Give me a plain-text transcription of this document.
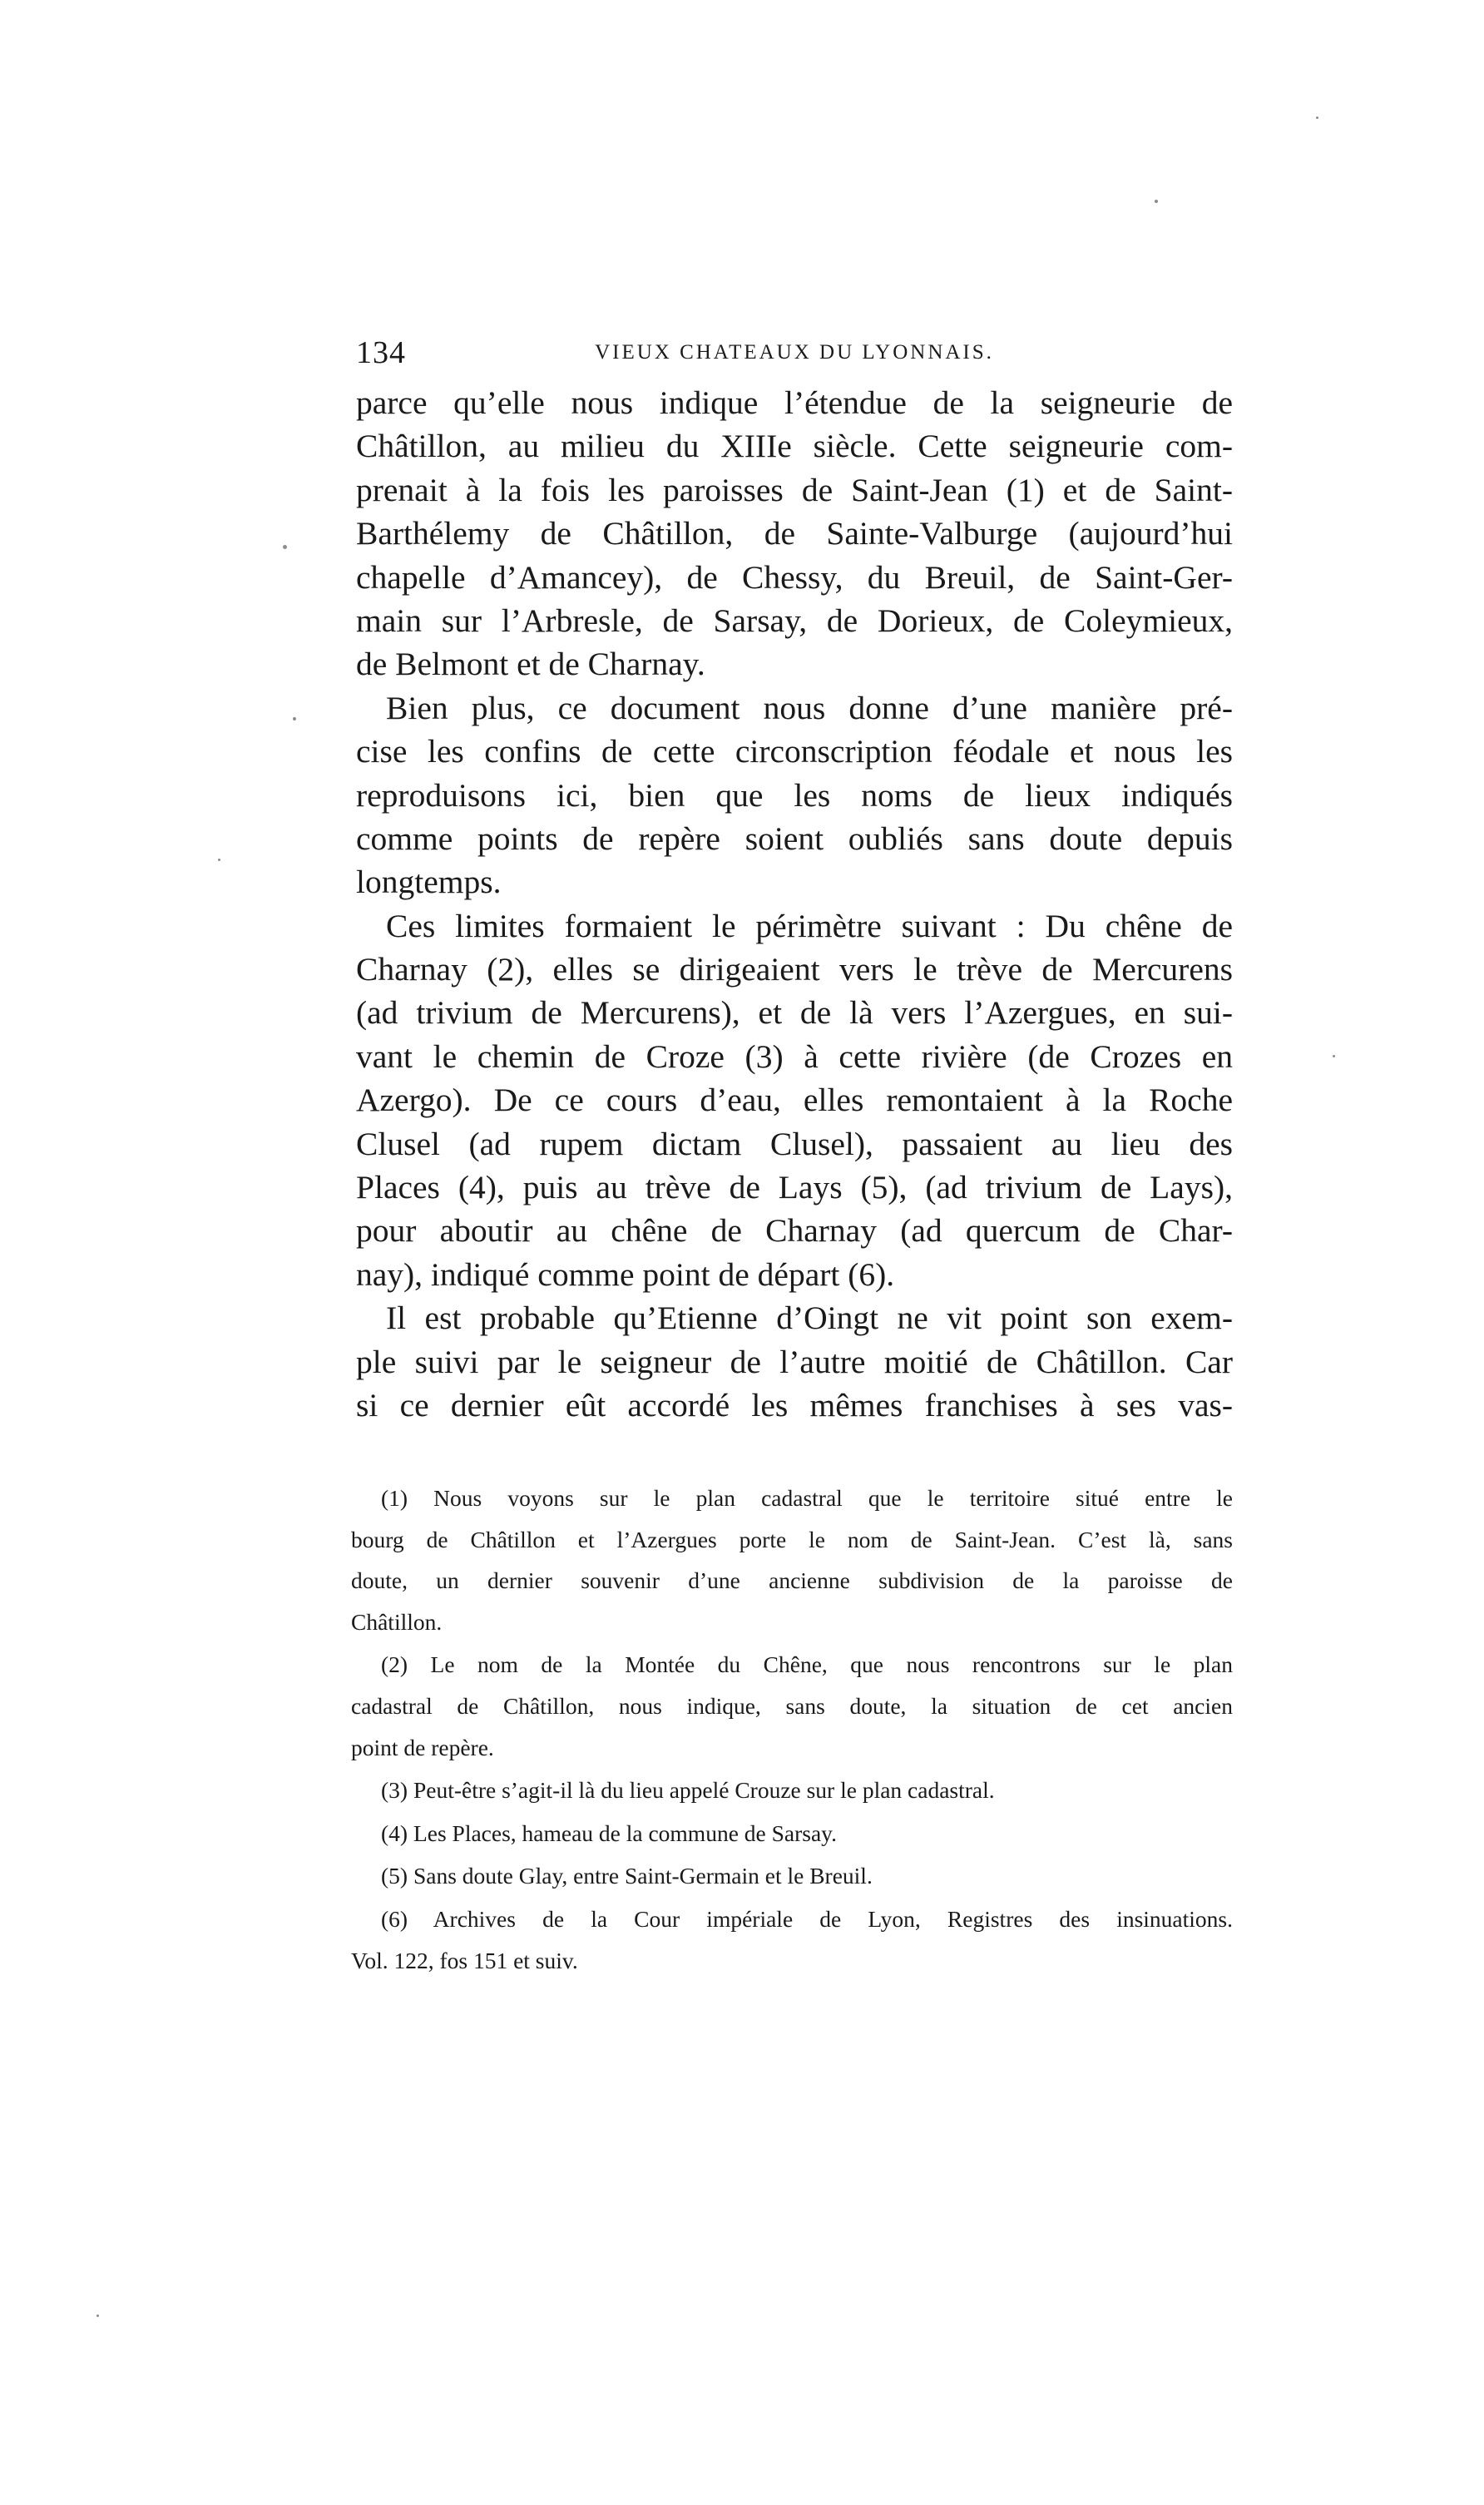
134	VIEUX CHATEAUX DU LYONNAIS.
parce qu’elle nous indique l’étendue de la seigneurie de
Châtillon, au milieu du XIIIe siècle. Cette seigneurie com-
prenait à la fois les paroisses de Saint-Jean (1) et de Saint-
Barthélemy de Châtillon, de Sainte-Valburge (aujourd’hui
chapelle d’Amancey), de Chessy, du Breuil, de Saint-Ger-
main sur l’Arbresle, de Sarsay, de Dorieux, de Coleymieux,
de Belmont et de Charnay.
Bien plus, ce document nous donne d’une manière pré-
cise les confins de cette circonscription féodale et nous les
reproduisons ici, bien que les noms de lieux indiqués
comme points de repère soient oubliés sans doute depuis
longtemps.
Ces limites formaient le périmètre suivant : Du chêne de
Charnay (2), elles se dirigeaient vers le trève de Mercurens
(ad trivium de Mercurens), et de là vers l’Azergues, en sui-
vant le chemin de Croze (3) à cette rivière (de Crozes en
Azergo). De ce cours d’eau, elles remontaient à la Roche
Clusel (ad rupem dictam Clusel), passaient au lieu des
Places (4), puis au trève de Lays (5), (ad trivium de Lays),
pour aboutir au chêne de Charnay (ad quercum de Char-
nay), indiqué comme point de départ (6).
Il est probable qu’Etienne d’Oingt ne vit point son exem-
ple suivi par le seigneur de l’autre moitié de Châtillon. Car
si ce dernier eût accordé les mêmes franchises à ses vas-
(1) Nous voyons sur le plan cadastral que le territoire situé entre le
bourg de Châtillon et l’Azergues porte le nom de Saint-Jean. C’est là, sans
doute, un dernier souvenir d’une ancienne subdivision de la paroisse de
Châtillon.
(2) Le nom de la Montée du Chêne, que nous rencontrons sur le plan
cadastral de Châtillon, nous indique, sans doute, la situation de cet ancien
point de repère.
(3) Peut-être s’agit-il là du lieu appelé Crouze sur le plan cadastral.
(4) Les Places, hameau de la commune de Sarsay.
(5) Sans doute Glay, entre Saint-Germain et le Breuil.
(6) Archives de la Cour impériale de Lyon, Registres des insinuations.
Vol. 122, fos 151 et suiv.
